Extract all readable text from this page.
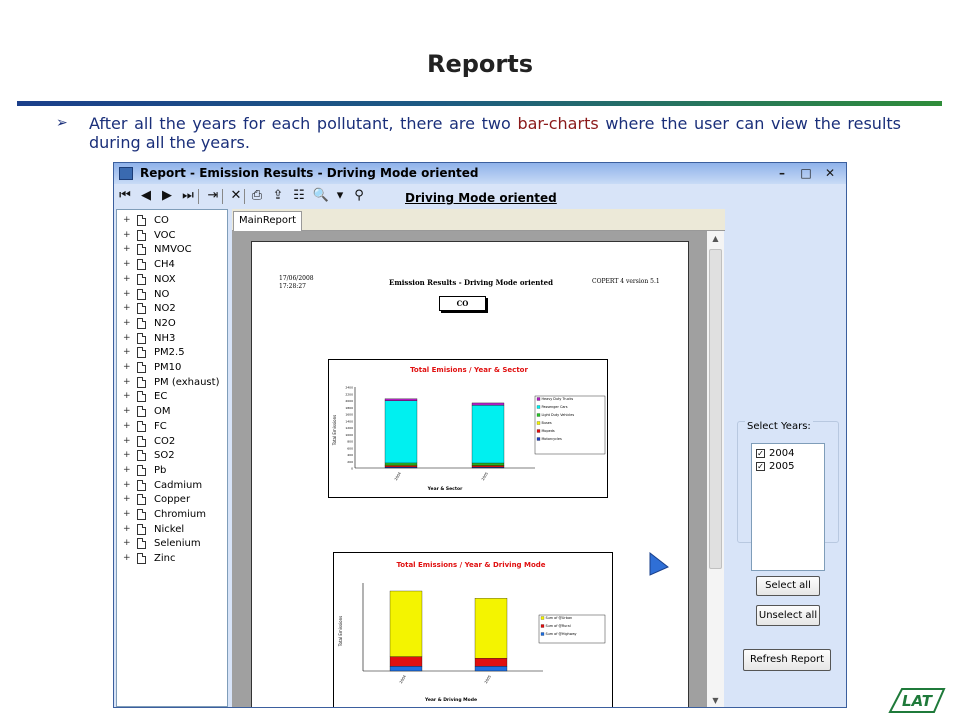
Reports
➢	After all the years for each pollutant, there are two bar-charts where the user can view the results during all the years.
Report - Emission Results - Driving Mode oriented	–	□	✕
⏮ ◀ ▶ ⏭ ⇥ ✕ ⎙ ⇪ ☷ 🔍 ▾ ⚲	Driving Mode oriented
+ CO
+ VOC
+ NMVOC
+ CH4
+ NOX
+ NO
+ NO2
+ N2O
+ NH3
+ PM2.5
+ PM10
+ PM (exhaust)
+ EC
+ OM
+ FC
+ CO2
+ SO2
+ Pb
+ Cadmium
+ Copper
+ Chromium
+ Nickel
+ Selenium
+ Zinc
MainReport
17/06/2008
17:28:27	Emission Results - Driving Mode oriented	COPERT 4 version 5.1
CO
Total Emisions / Year & Sector
0
200
400
600
800
1000
1200
1400
1600
1800
2000
2200
2400
Total Emissions
Year & Sector
2004	2005
Heavy Duty Trucks
Passenger Cars
Light Duty Vehicles
Buses
Mopeds
Motorcycles
Total Emissions / Year & Driving Mode
Total Emissions
Year & Driving Mode
2004	2005
Sum of @Urban
Sum of @Rural
Sum of @Highway
▲
▼
Select Years:
✓ 2004
✓ 2005
Select all
Unselect all
Refresh Report
LAT
